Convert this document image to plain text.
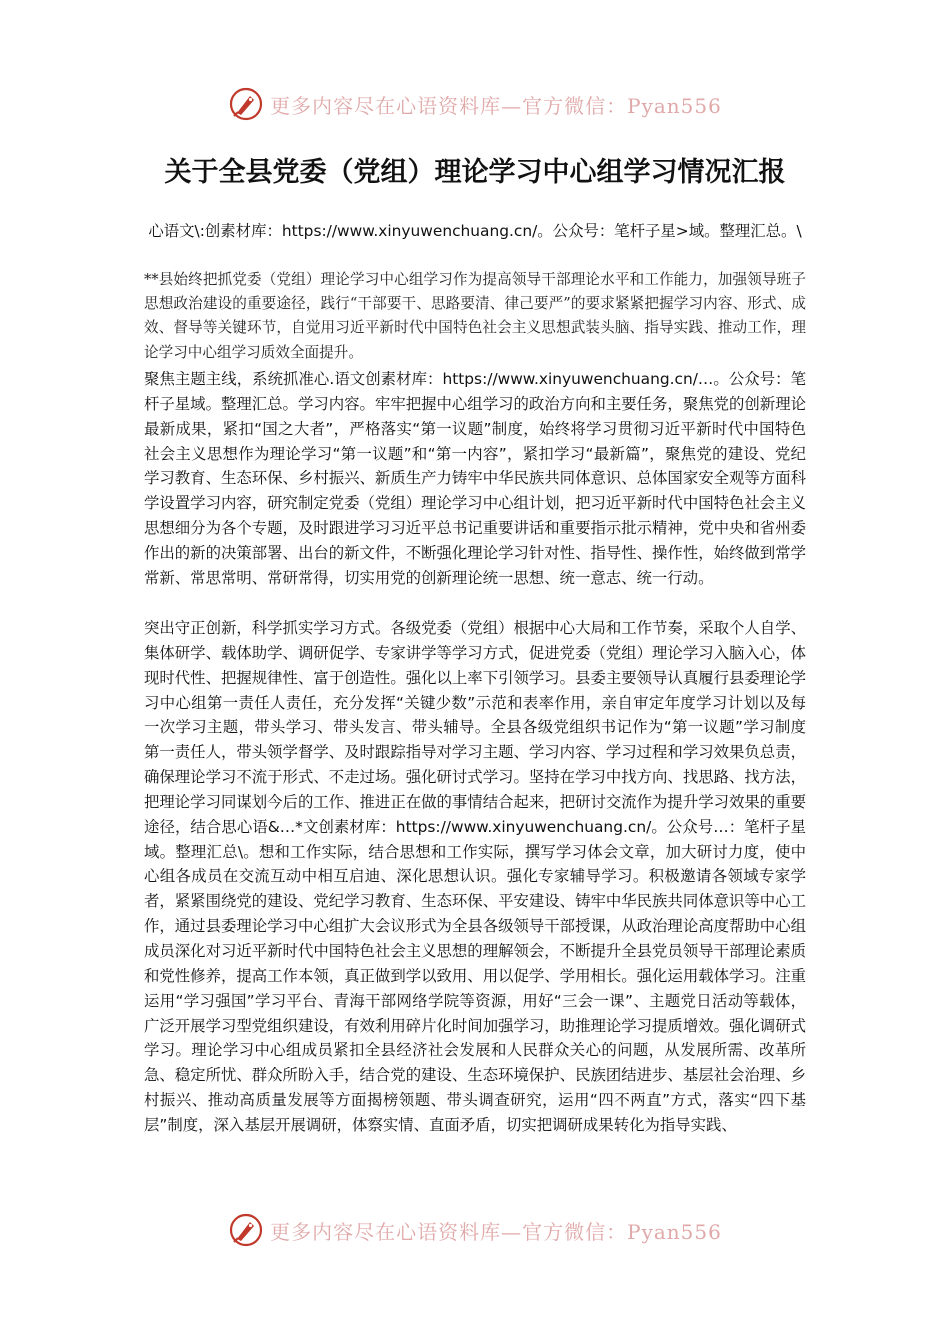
更多内容尽在心语资料库—官方微信：Pyan556
关于全县党委（党组）理论学习中心组学习情况汇报
心语文\:创素材库：https://www.xinyuwenchuang.cn/。公众号：笔杆子星>域。整理汇总。\
**县始终把抓党委（党组）理论学习中心组学习作为提高领导干部理论水平和工作能力，加强领导班子思想政治建设的重要途径，践行“干部要干、思路要清、律己要严”的要求紧紧把握学习内容、形式、成效、督导等关键环节，自觉用习近平新时代中国特色社会主义思想武装头脑、指导实践、推动工作，理论学习中心组学习质效全面提升。

聚焦主题主线，系统抓准心.语文创素材库：https://www.xinyuwenchuang.cn/…。公众号：笔杆子星域。整理汇总。学习内容。牢牢把握中心组学习的政治方向和主要任务，聚焦党的创新理论最新成果，紧扣“国之大者”，严格落实“第一议题”制度，始终将学习贯彻习近平新时代中国特色社会主义思想作为理论学习“第一议题”和“第一内容”，紧扣学习“最新篇”，聚焦党的建设、党纪学习教育、生态环保、乡村振兴、新质生产力铸牢中华民族共同体意识、总体国家安全观等方面科学设置学习内容，研究制定党委（党组）理论学习中心组计划，把习近平新时代中国特色社会主义思想细分为各个专题，及时跟进学习习近平总书记重要讲话和重要指示批示精神，党中央和省州委作出的新的决策部署、出台的新文件，不断强化理论学习针对性、指导性、操作性，始终做到常学常新、常思常明、常研常得，切实用党的创新理论统一思想、统一意志、统一行动。

突出守正创新，科学抓实学习方式。各级党委（党组）根据中心大局和工作节奏，采取个人自学、集体研学、载体助学、调研促学、专家讲学等学习方式，促进党委（党组）理论学习入脑入心，体现时代性、把握规律性、富于创造性。强化以上率下引领学习。县委主要领导认真履行县委理论学习中心组第一责任人责任，充分发挥“关键少数”示范和表率作用，亲自审定年度学习计划以及每一次学习主题，带头学习、带头发言、带头辅导。全县各级党组织书记作为“第一议题”学习制度第一责任人，带头领学督学、及时跟踪指导对学习主题、学习内容、学习过程和学习效果负总责，确保理论学习不流于形式、不走过场。强化研讨式学习。坚持在学习中找方向、找思路、找方法，把理论学习同谋划今后的工作、推进正在做的事情结合起来，把研讨交流作为提升学习效果的重要途径，结合思心语&…*文创素材库：https://www.xinyuwenchuang.cn/。公众号…：笔杆子星域。整理汇总\。想和工作实际，结合思想和工作实际，撰写学习体会文章，加大研讨力度，使中心组各成员在交流互动中相互启迪、深化思想认识。强化专家辅导学习。积极邀请各领域专家学者，紧紧围绕党的建设、党纪学习教育、生态环保、平安建设、铸牢中华民族共同体意识等中心工作，通过县委理论学习中心组扩大会议形式为全县各级领导干部授课，从政治理论高度帮助中心组成员深化对习近平新时代中国特色社会主义思想的理解领会，不断提升全县党员领导干部理论素质和党性修养，提高工作本领，真正做到学以致用、用以促学、学用相长。强化运用载体学习。注重运用“学习强国”学习平台、青海干部网络学院等资源，用好“三会一课”、主题党日活动等载体，广泛开展学习型党组织建设，有效利用碎片化时间加强学习，助推理论学习提质增效。强化调研式学习。理论学习中心组成员紧扣全县经济社会发展和人民群众关心的问题，从发展所需、改革所急、稳定所忧、群众所盼入手，结合党的建设、生态环境保护、民族团结进步、基层社会治理、乡村振兴、推动高质量发展等方面揭榜领题、带头调查研究，运用“四不两直”方式，落实“四下基层”制度，深入基层开展调研，体察实情、直面矛盾，切实把调研成果转化为指导实践、

更多内容尽在心语资料库—官方微信：Pyan556
